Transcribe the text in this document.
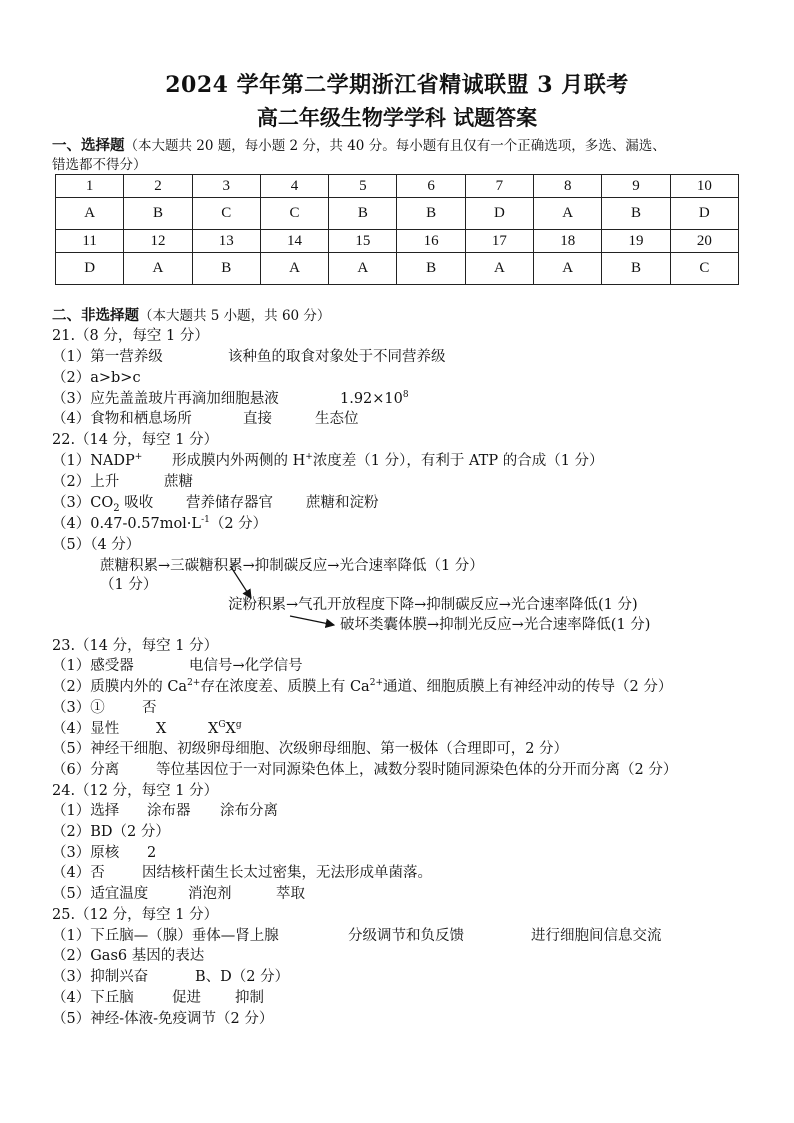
2024 学年第二学期浙江省精诚联盟 3 月联考
高二年级生物学学科 试题答案
一、选择题（本大题共 20 题，每小题 2 分，共 40 分。每小题有且仅有一个正确选项，多选、漏选、
错选都不得分）
1	2	3	4	5	6	7	8	9	10
A	B	C	C	B	B	D	A	B	D
11	12	13	14	15	16	17	18	19	20
D	A	B	A	A	B	A	A	B	C
二、非选择题（本大题共 5 小题，共 60 分）
21.（8 分，每空 1 分）
（1）第一营养级	该种鱼的取食对象处于不同营养级
（2）a>b>c
（3）应先盖盖玻片再滴加细胞悬液	$1.92\times 10^8$
（4）食物和栖息场所	直接	生态位
22.（14 分，每空 1 分）
（1）NADP+ 形成膜内外两侧的 H+浓度差（1 分），有利于 ATP 的合成（1 分）
（2）上升	蔗糖
$(3)CO_2$ 吸收 营养储存器官 蔗糖和淀粉
$(4)0.47-0.57mol\cdot L^{-1}(2$ 分）
（5）（4 分）
蔗糖积累→三碳糖积累→抑制碳反应→光合速率降低（1 分）
（1 分）
淀粉积累→气孔开放程度下降→抑制碳反应→光合速率降低(1 分)
破坏类囊体膜→抑制光反应→光合速率降低(1 分)
23.（14 分，每空 1 分）
（1）感受器	电信号→化学信号
（2）质膜内外的 $Ca^{2+}$存在浓度差、质膜上有 $Ca^{2+}$通道、细胞质膜上有神经冲动的传导（2 分）
（3）①	否
（4）显性	X	$X^GX^g$
（5）神经干细胞、初级卵母细胞、次级卵母细胞、第一极体（合理即可，2 分）
（6）分离	等位基因位于一对同源染色体上，减数分裂时随同源染色体的分开而分离（2 分）
24.（12 分，每空 1 分）
（1）选择 涂布器 涂布分离
（2）BD（2 分）
（3）原核 2
（4）否	因结核杆菌生长太过密集，无法形成单菌落。
（5）适宜温度	消泡剂	萃取
25.（12 分，每空 1 分）
（1）下丘脑—（腺）垂体—肾上腺	分级调节和负反馈	进行细胞间信息交流
（2）Gas6 基因的表达
（3）抑制兴奋	B、D（2 分）
（4）下丘脑	促进 抑制
（5）神经-体液-免疫调节（2 分）
